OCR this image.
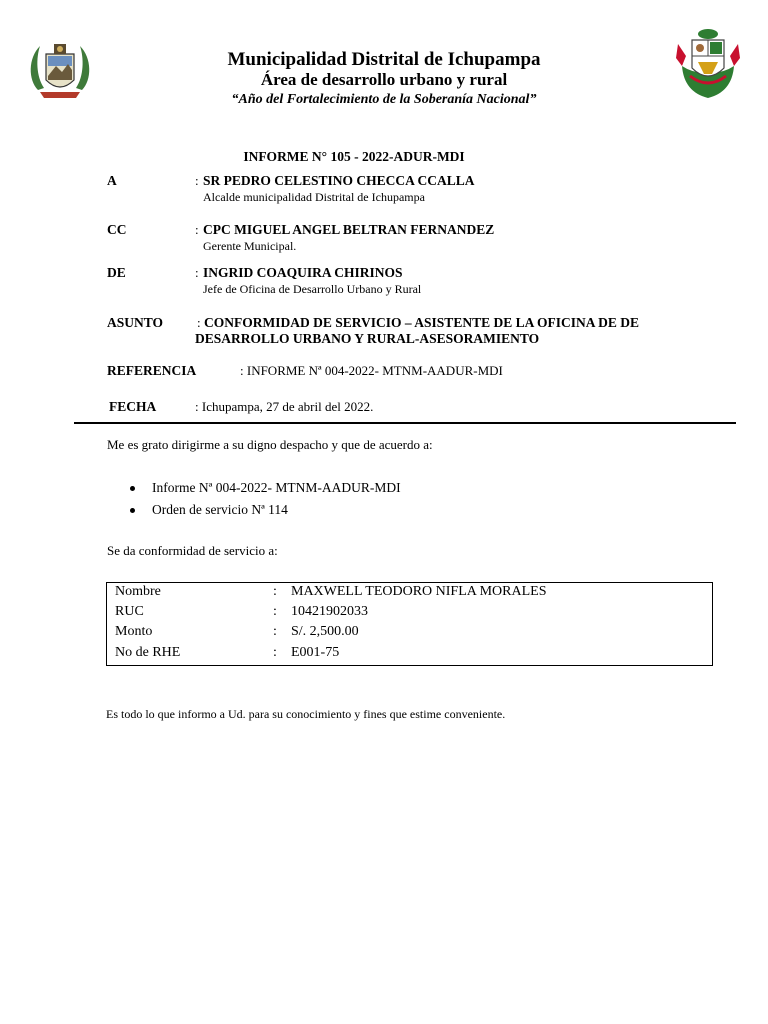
Municipalidad Distrital de Ichupampa
Área de desarrollo urbano y rural
“Año del Fortalecimiento de la Soberanía Nacional”
INFORME N° 105 - 2022-ADUR-MDI
A	: SR PEDRO CELESTINO CHECCA CCALLA
Alcalde municipalidad Distrital de Ichupampa
CC	: CPC MIGUEL ANGEL BELTRAN FERNANDEZ
Gerente Municipal.
DE	: INGRID COAQUIRA CHIRINOS
Jefe de Oficina de Desarrollo Urbano y Rural
ASUNTO	: CONFORMIDAD DE SERVICIO – ASISTENTE DE LA OFICINA DE DE
DESARROLLO URBANO Y RURAL-ASESORAMIENTO
REFERENCIA	: INFORME Nª 004-2022- MTNM-AADUR-MDI
FECHA	: Ichupampa, 27 de abril del 2022.
Me es grato dirigirme a su digno despacho y que de acuerdo a:
Informe Nª 004-2022- MTNM-AADUR-MDI
Orden de servicio Nª 114
Se da conformidad de servicio a:
Nombre	: MAXWELL TEODORO NIFLA MORALES
RUC	: 10421902033
Monto	: S/. 2,500.00
No de RHE	: E001-75
Es todo lo que informo a Ud. para su conocimiento y fines que estime conveniente.
